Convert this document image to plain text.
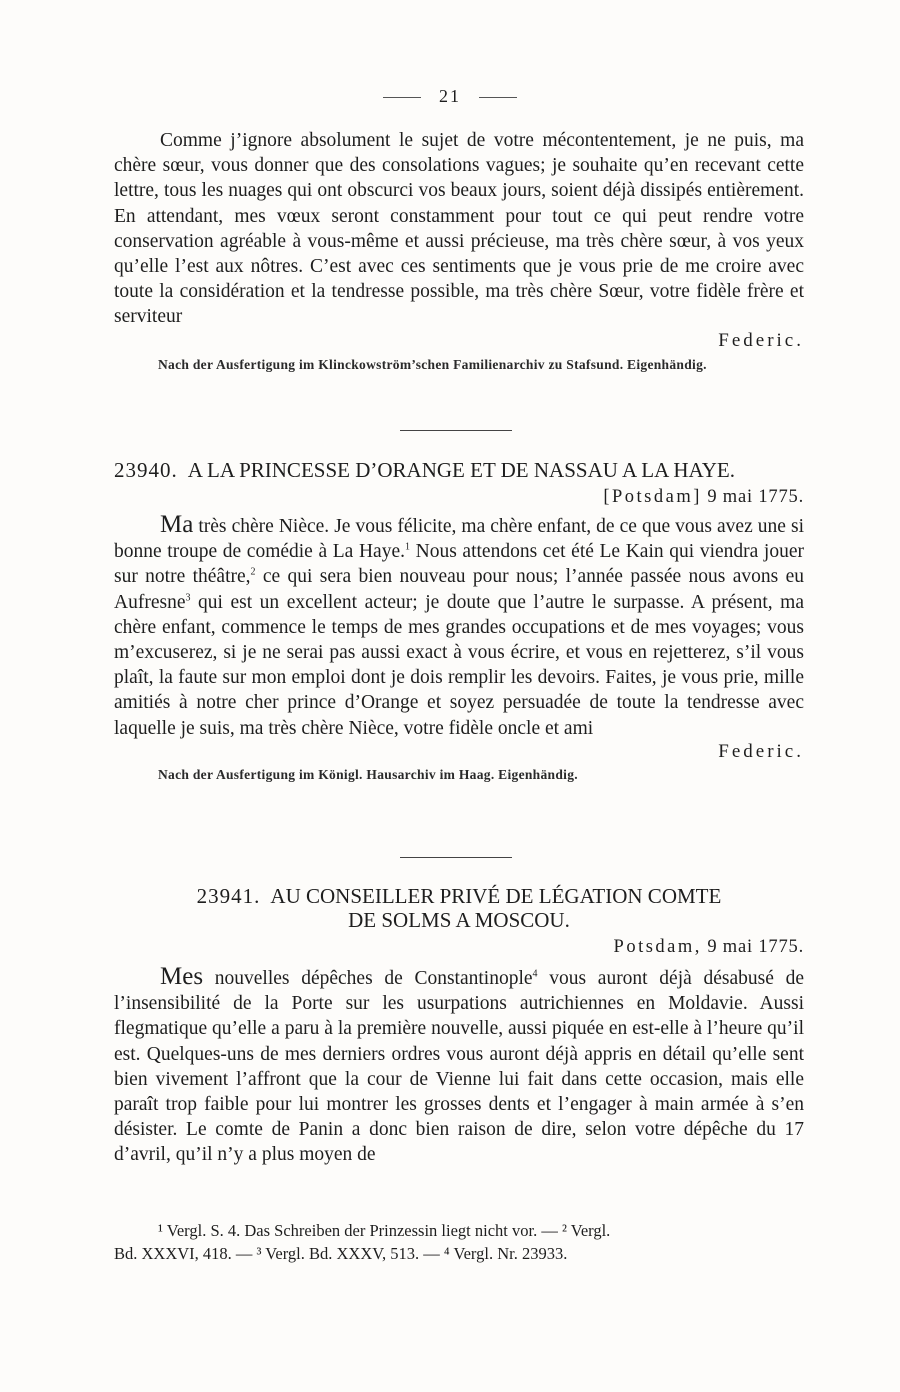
21

Comme j’ignore absolument le sujet de votre mécontentement, je ne puis, ma chère sœur, vous donner que des consolations vagues; je souhaite qu’en recevant cette lettre, tous les nuages qui ont obscurci vos beaux jours, soient déjà dissipés entièrement. En attendant, mes vœux seront constamment pour tout ce qui peut rendre votre conservation agréable à vous-même et aussi précieuse, ma très chère sœur, à vos yeux qu’elle l’est aux nôtres. C’est avec ces sentiments que je vous prie de me croire avec toute la considération et la tendresse possible, ma très chère Sœur, votre fidèle frère et serviteur

Federic.

Nach der Ausfertigung im Klinckowström’schen Familienarchiv zu Stafsund. Eigenhändig.

23940. A LA PRINCESSE D’ORANGE ET DE NASSAU A LA HAYE.

[Potsdam] 9 mai 1775.

Ma très chère Nièce. Je vous félicite, ma chère enfant, de ce que vous avez une si bonne troupe de comédie à La Haye.$^1$ Nous attendons cet été Le Kain qui viendra jouer sur notre théâtre,$^2$ ce qui sera bien nouveau pour nous; l’année passée nous avons eu Aufresne$^3$ qui est un excellent acteur; je doute que l’autre le surpasse. A présent, ma chère enfant, commence le temps de mes grandes occupations et de mes voyages; vous m’excuserez, si je ne serai pas aussi exact à vous écrire, et vous en rejetterez, s’il vous plaît, la faute sur mon emploi dont je dois remplir les devoirs. Faites, je vous prie, mille amitiés à notre cher prince d’Orange et soyez persuadée de toute la tendresse avec laquelle je suis, ma très chère Nièce, votre fidèle oncle et ami

Federic.

Nach der Ausfertigung im Königl. Hausarchiv im Haag. Eigenhändig.

23941. AU CONSEILLER PRIVÉ DE LÉGATION COMTE
DE SOLMS A MOSCOU.

Potsdam, 9 mai 1775.

Mes nouvelles dépêches de Constantinople$^4$ vous auront déjà désabusé de l’insensibilité de la Porte sur les usurpations autrichiennes en Moldavie. Aussi flegmatique qu’elle a paru à la première nouvelle, aussi piquée en est-elle à l’heure qu’il est. Quelques-uns de mes derniers ordres vous auront déjà appris en détail qu’elle sent bien vivement l’affront que la cour de Vienne lui fait dans cette occasion, mais elle paraît trop faible pour lui montrer les grosses dents et l’engager à main armée à s’en désister. Le comte de Panin a donc bien raison de dire, selon votre dépêche du 17 d’avril, qu’il n’y a plus moyen de

¹ Vergl. S. 4. Das Schreiben der Prinzessin liegt nicht vor. — ² Vergl.
Bd. XXXVI, 418. — ³ Vergl. Bd. XXXV, 513. — ⁴ Vergl. Nr. 23933.
